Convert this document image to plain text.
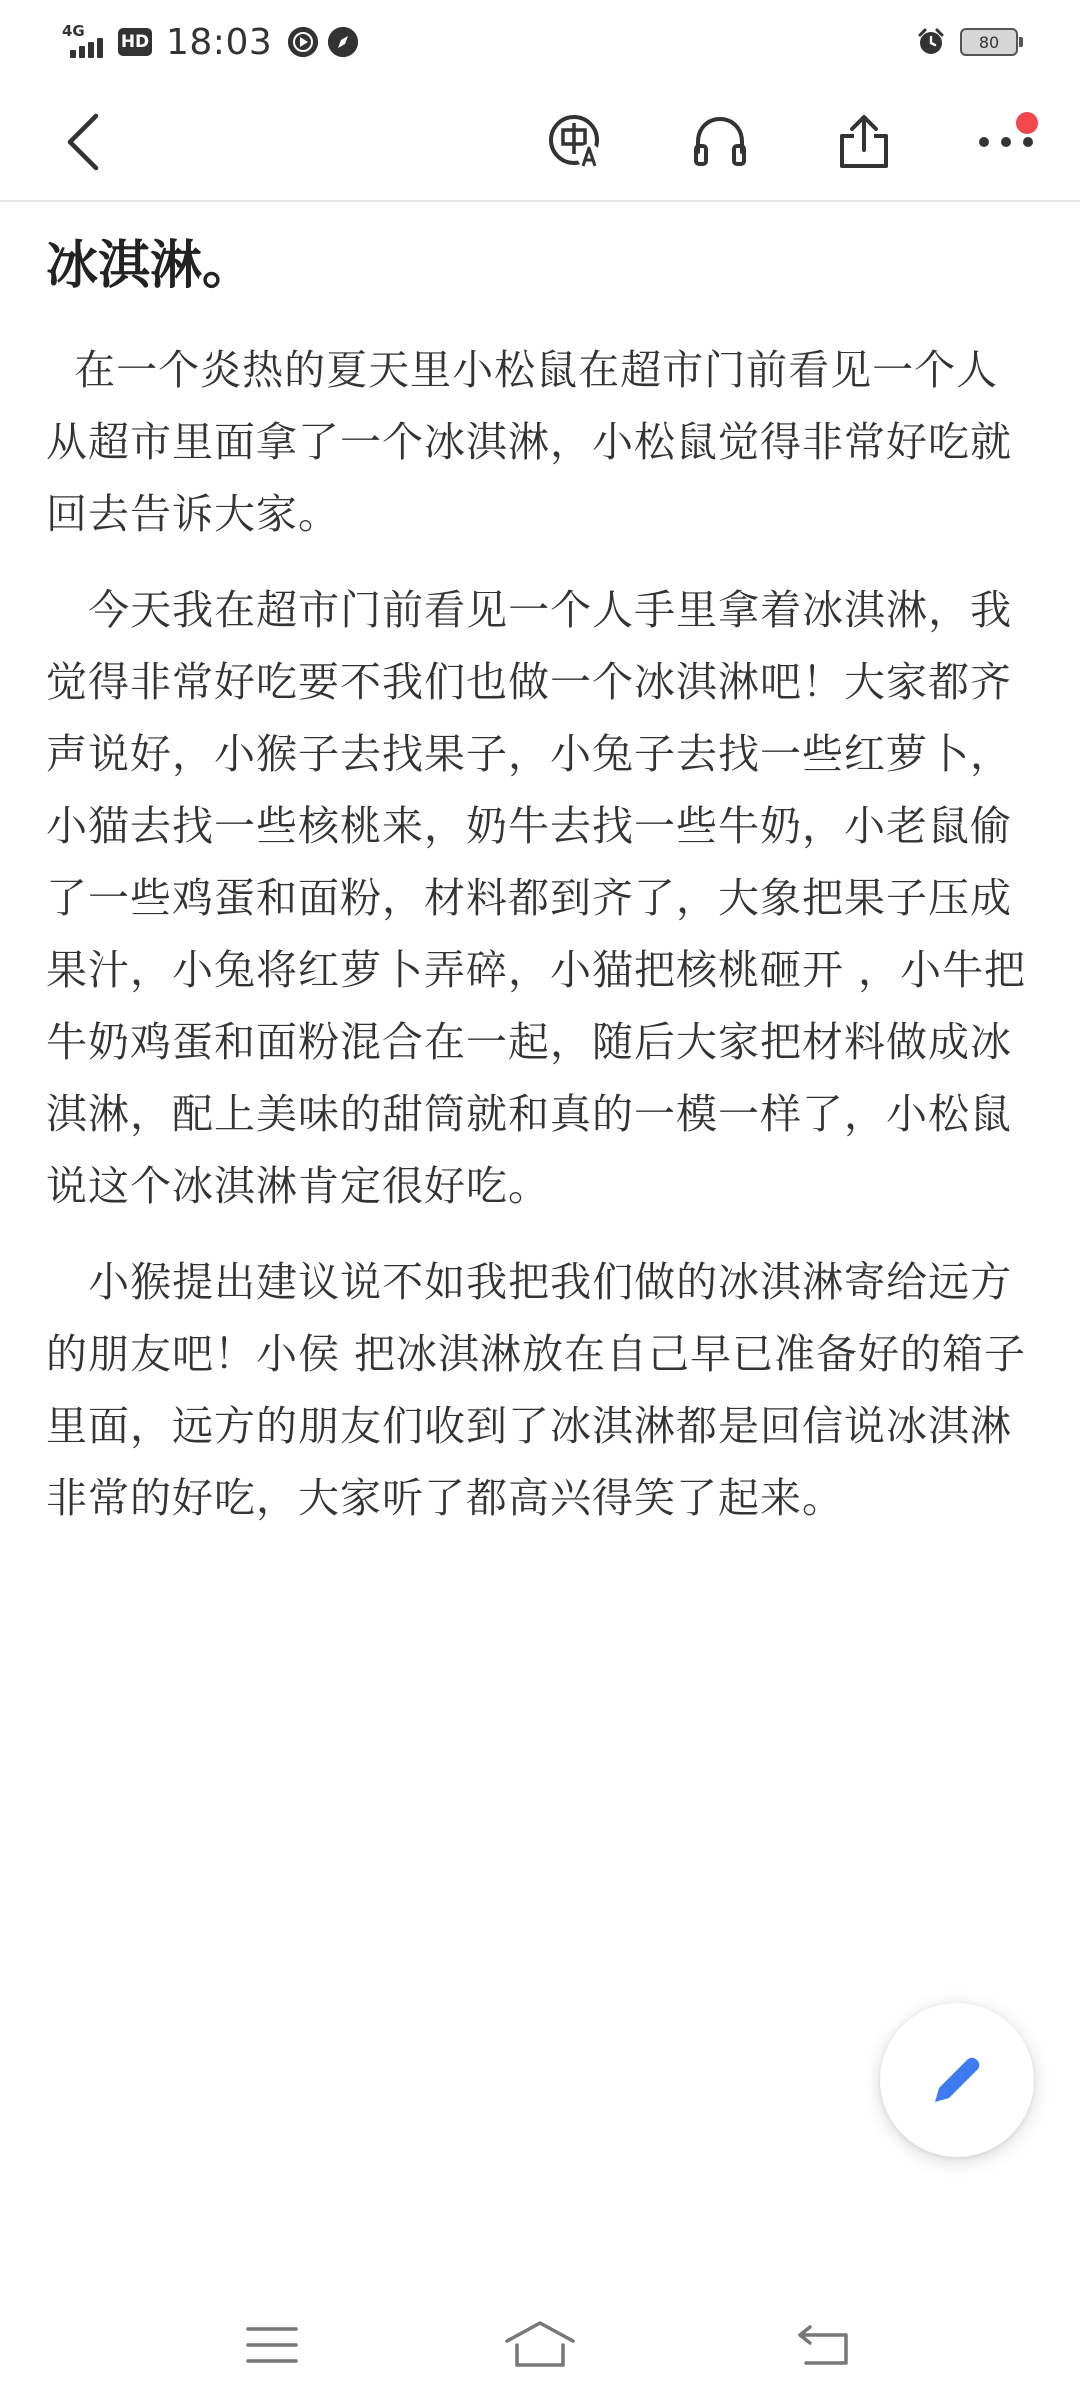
4G
HD 18:03	80
冰淇淋。

在一个炎热的夏天里小松鼠在超市门前看见一个人从超市里面拿了一个冰淇淋，小松鼠觉得非常好吃就回去告诉大家。

今天我在超市门前看见一个人手里拿着冰淇淋，我觉得非常好吃要不我们也做一个冰淇淋吧！大家都齐声说好，小猴子去找果子，小兔子去找一些红萝卜，  小猫去找一些核桃来，奶牛去找一些牛奶，小老鼠偷了一些鸡蛋和面粉，材料都到齐了，大象把果子压成果汁，小兔将红萝卜弄碎，小猫把核桃砸开 ，小牛把牛奶鸡蛋和面粉混合在一起，随后大家把材料做成冰淇淋，配上美味的甜筒就和真的一模一样了，小松鼠说这个冰淇淋肯定很好吃。

小猴提出建议说不如我把我们做的冰淇淋寄给远方的朋友吧！小侯 把冰淇淋放在自己早已准备好的箱子里面，远方的朋友们收到了冰淇淋都是回信说冰淇淋非常的好吃，大家听了都高兴得笑了起来。
